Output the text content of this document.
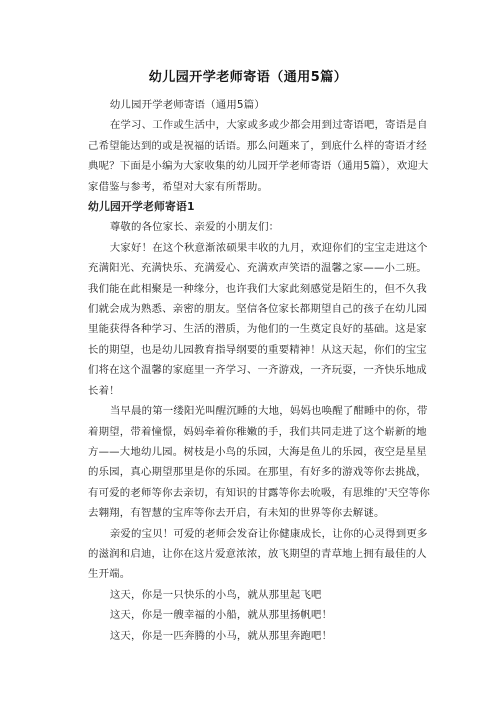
幼儿园开学老师寄语（通用5篇）

幼儿园开学老师寄语（通用5篇）

在学习、工作或生活中，大家或多或少都会用到过寄语吧，寄语是自己希望能达到的或是祝福的话语。那么问题来了，到底什么样的寄语才经典呢？下面是小编为大家收集的幼儿园开学老师寄语（通用5篇），欢迎大家借鉴与参考，希望对大家有所帮助。

幼儿园开学老师寄语1

尊敬的各位家长、亲爱的小朋友们：

大家好！在这个秋意渐浓硕果丰收的九月，欢迎你们的宝宝走进这个充满阳光、充满快乐、充满爱心、充满欢声笑语的温馨之家——小二班。我们能在此相聚是一种缘分，也许我们大家此刻感觉是陌生的，但不久我们就会成为熟悉、亲密的朋友。坚信各位家长都期望自己的孩子在幼儿园里能获得各种学习、生活的潜质，为他们的一生奠定良好的基础。这是家长的期望，也是幼儿园教育指导纲要的重要精神！从这天起，你们的宝宝们将在这个温馨的家庭里一齐学习、一齐游戏，一齐玩耍，一齐快乐地成长着！

当早晨的第一缕阳光叫醒沉睡的大地，妈妈也唤醒了酣睡中的你，带着期望，带着憧憬，妈妈牵着你稚嫩的手，我们共同走进了这个崭新的地方——大地幼儿园。树枝是小鸟的乐园，大海是鱼儿的乐园，夜空是星星的乐园，真心期望那里是你的乐园。在那里，有好多的游戏等你去挑战，有可爱的老师等你去亲切，有知识的甘露等你去吮吸，有思维的'天空等你去翱翔，有智慧的宝库等你去开启，有未知的世界等你去解谜。

亲爱的宝贝！可爱的老师会发奋让你健康成长，让你的心灵得到更多的滋润和启迪，让你在这片爱意浓浓，放飞期望的青草地上拥有最佳的人生开端。

这天，你是一只快乐的小鸟，就从那里起飞吧

这天，你是一艘幸福的小船，就从那里扬帆吧！

这天，你是一匹奔腾的小马，就从那里奔跑吧！
